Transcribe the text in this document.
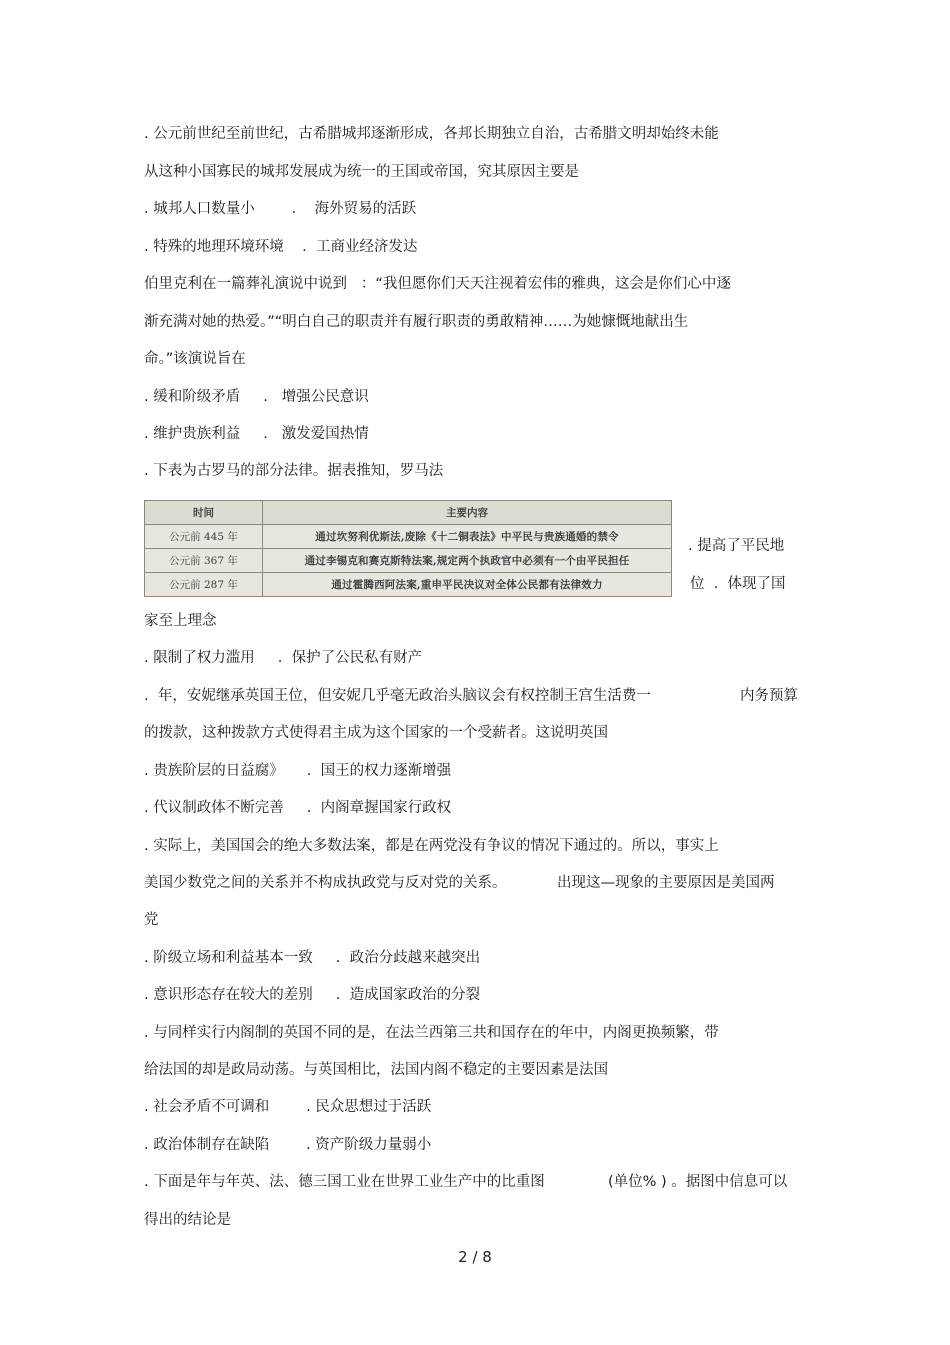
. 公元前世纪至前世纪，古希腊城邦逐渐形成，各邦长期独立自治，古希腊文明却始终未能
从这种小国寡民的城邦发展成为统一的王国或帝国，究其原因主要是
. 城邦人口数量小        .    海外贸易的活跃
. 特殊的地理环境环境    .  工商业经济发达
伯里克利在一篇葬礼演说中说到   ：“我但愿你们天天注视着宏伟的雅典，这会是你们心中逐
渐充满对她的热爱。”“明白自己的职责并有履行职责的勇敢精神……为她慷慨地献出生
命。”该演说旨在
. 缓和阶级矛盾     .   增强公民意识
. 维护贵族利益     .   激发爱国热情
. 下表为古罗马的部分法律。据表推知，罗马法
时间	主要内容
公元前 445 年	通过坎努利优斯法,废除《十二铜表法》中平民与贵族通婚的禁令
公元前 367 年	通过李锡克和赛克斯特法案,规定两个执政官中必须有一个由平民担任
公元前 287 年	通过霍腾西阿法案,重申平民决议对全体公民都有法律效力
. 提高了平民地
位  .  体现了国
家至上理念
. 限制了权力滥用     .  保护了公民私有财产
.  年，安妮继承英国王位，但安妮几乎毫无政治头脑议会有权控制王宫生活费一	内务预算
的拨款，这种拨款方式使得君主成为这个国家的一个受薪者。这说明英国
. 贵族阶层的日益腐》     .  国王的权力逐渐增强
. 代议制政体不断完善     .  内阁章握国家行政权
. 实际上，美国国会的绝大多数法案，都是在两党没有争议的情况下通过的。所以，事实上
美国少数党之间的关系并不构成执政党与反对党的关系。	出现这—现象的主要原因是美国两
党
. 阶级立场和利益基本一致     .  政治分歧越来越突出
. 意识形态存在较大的差别     .  造成国家政治的分裂
. 与同样实行内阁制的英国不同的是，在法兰西第三共和国存在的年中，内阁更换频繁，带
给法国的却是政局动荡。与英国相比，法国内阁不稳定的主要因素是法国
. 社会矛盾不可调和        . 民众思想过于活跃
. 政治体制存在缺陷        . 资产阶级力量弱小
. 下面是年与年英、法、德三国工业在世界工业生产中的比重图	(单位% ) 。据图中信息可以
得出的结论是
2 / 8
